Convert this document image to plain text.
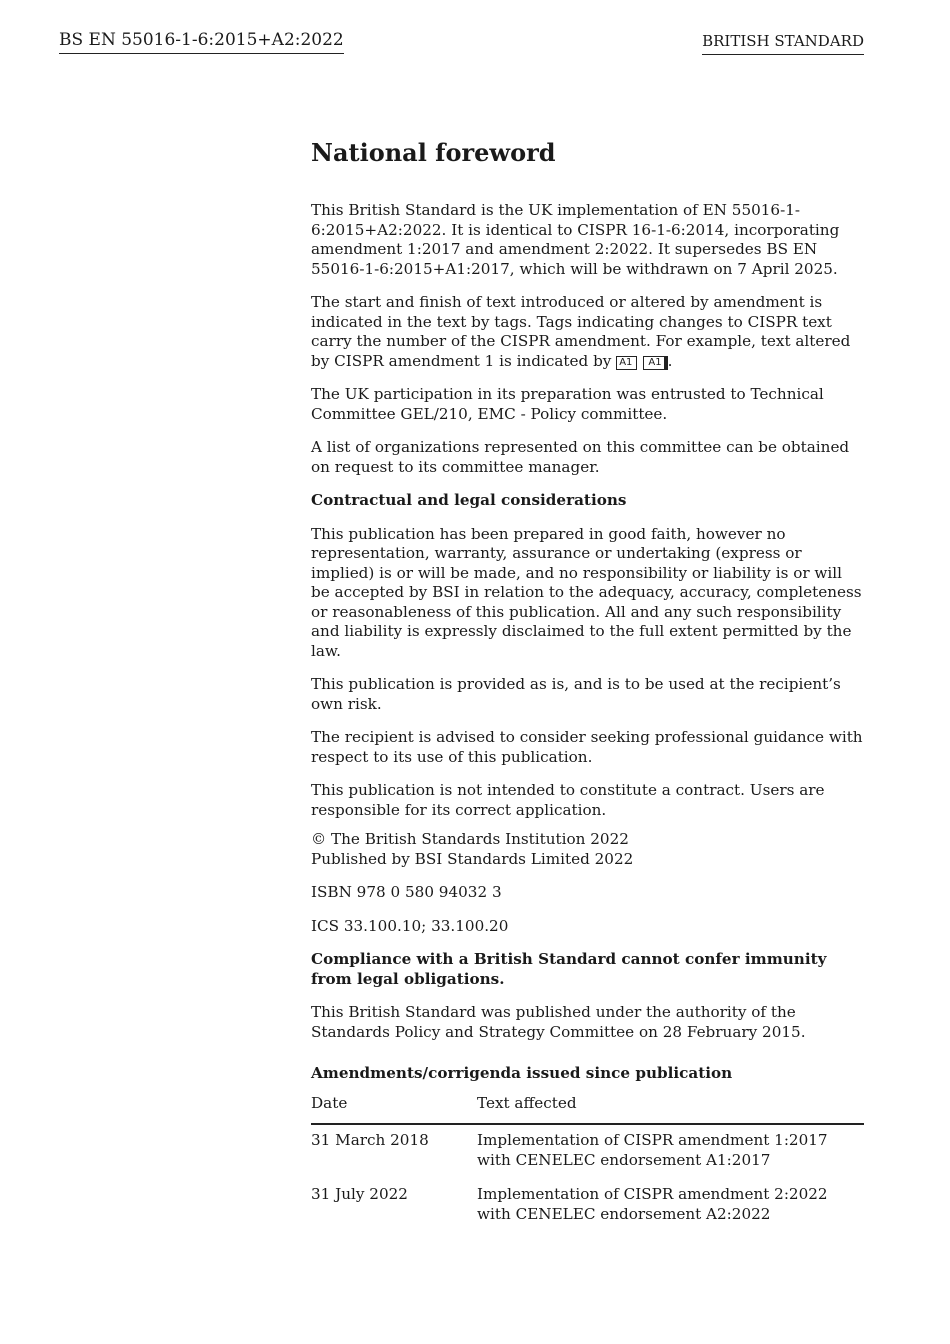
BS EN 55016-1-6:2015+A2:2022	BRITISH STANDARD
National foreword

This British Standard is the UK implementation of EN 55016-1-6:2015+A2:2022. It is identical to CISPR 16-1-6:2014, incorporating amendment 1:2017 and amendment 2:2022. It supersedes BS EN 55016-1-6:2015+A1:2017, which will be withdrawn on 7 April 2025.

The start and finish of text introduced or altered by amendment is indicated in the text by tags. Tags indicating changes to CISPR text carry the number of the CISPR amendment. For example, text altered by CISPR amendment 1 is indicated by A1 A1 .

The UK participation in its preparation was entrusted to Technical Committee GEL/210, EMC - Policy committee.

A list of organizations represented on this committee can be obtained on request to its committee manager.

Contractual and legal considerations

This publication has been prepared in good faith, however no representation, warranty, assurance or undertaking (express or implied) is or will be made, and no responsibility or liability is or will be accepted by BSI in relation to the adequacy, accuracy, completeness or reasonableness of this publication. All and any such responsibility and liability is expressly disclaimed to the full extent permitted by the law.

This publication is provided as is, and is to be used at the recipient’s own risk.

The recipient is advised to consider seeking professional guidance with respect to its use of this publication.

This publication is not intended to constitute a contract. Users are responsible for its correct application.

© The British Standards Institution 2022
Published by BSI Standards Limited 2022

ISBN 978 0 580 94032 3

ICS 33.100.10; 33.100.20

Compliance with a British Standard cannot confer immunity from legal obligations.

This British Standard was published under the authority of the Standards Policy and Strategy Committee on 28 February 2015.

Amendments/corrigenda issued since publication

Date	Text affected
31 March 2018	Implementation of CISPR amendment 1:2017 with CENELEC endorsement A1:2017
31 July 2022	Implementation of CISPR amendment 2:2022 with CENELEC endorsement A2:2022
